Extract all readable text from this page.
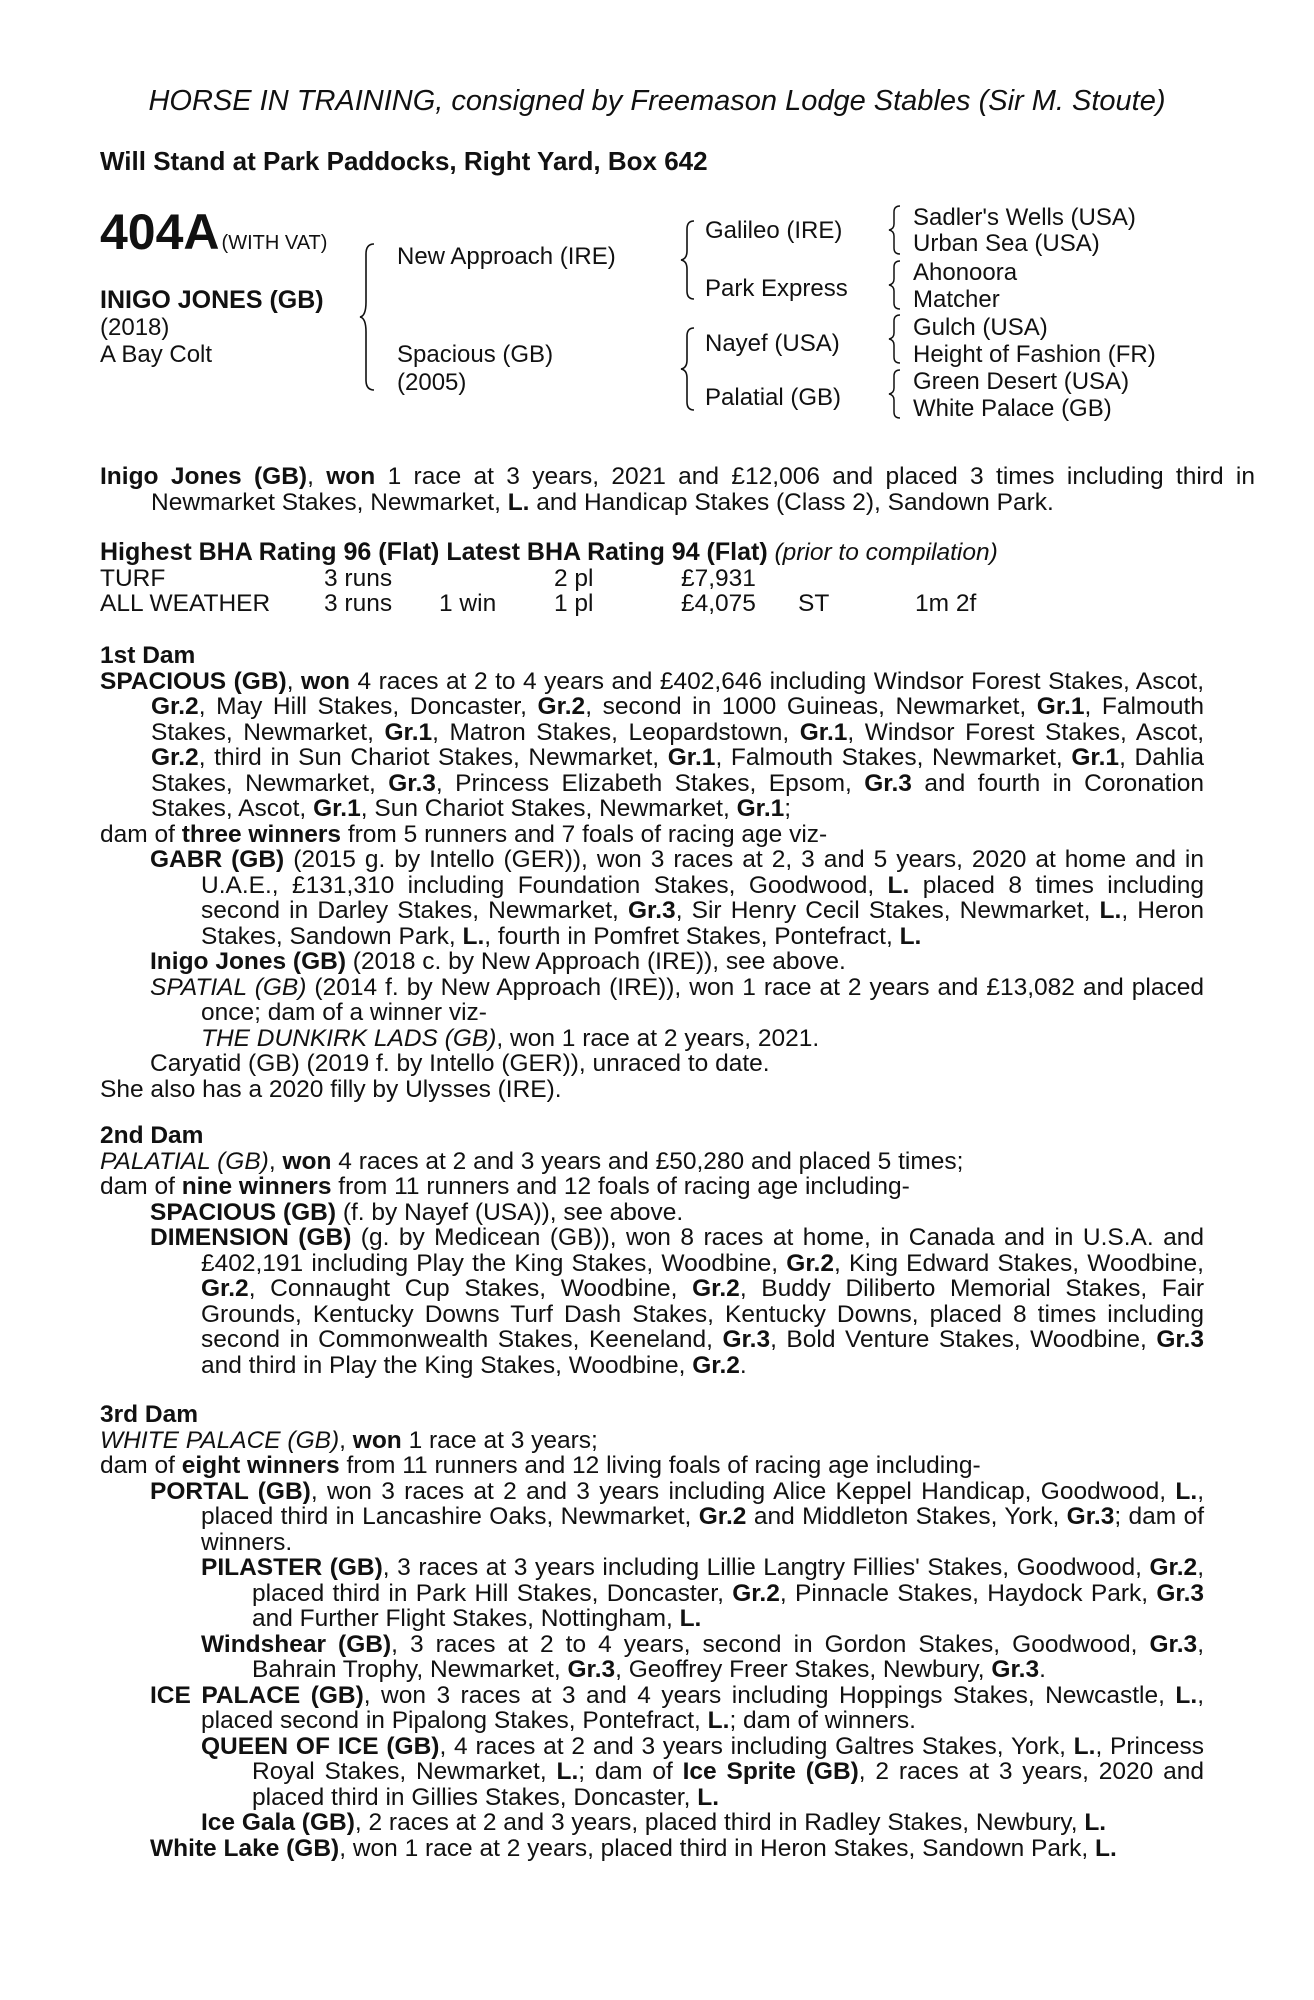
HORSE IN TRAINING, consigned by Freemason Lodge Stables (Sir M. Stoute)
Will Stand at Park Paddocks, Right Yard, Box 642
404A (WITH VAT)
INIGO JONES (GB)
(2018)
A Bay Colt
New Approach (IRE)
Spacious (GB)
(2005)
Galileo (IRE)
Park Express
Nayef (USA)
Palatial (GB)
Sadler's Wells (USA)
Urban Sea (USA)
Ahonoora
Matcher
Gulch (USA)
Height of Fashion (FR)
Green Desert (USA)
White Palace (GB)
Inigo Jones (GB), won 1 race at 3 years, 2021 and £12,006 and placed 3 times including third in Newmarket Stakes, Newmarket, L. and Handicap Stakes (Class 2), Sandown Park.
Highest BHA Rating 96 (Flat) Latest BHA Rating 94 (Flat) (prior to compilation)
TURF	3 runs		2 pl	£7,931		
ALL WEATHER	3 runs	1 win	1 pl	£4,075	ST	1m 2f

1st Dam

SPACIOUS (GB), won 4 races at 2 to 4 years and £402,646 including Windsor Forest Stakes, Ascot, Gr.2, May Hill Stakes, Doncaster, Gr.2, second in 1000 Guineas, Newmarket, Gr.1, Falmouth Stakes, Newmarket, Gr.1, Matron Stakes, Leopardstown, Gr.1, Windsor Forest Stakes, Ascot, Gr.2, third in Sun Chariot Stakes, Newmarket, Gr.1, Falmouth Stakes, Newmarket, Gr.1, Dahlia Stakes, Newmarket, Gr.3, Princess Elizabeth Stakes, Epsom, Gr.3 and fourth in Coronation Stakes, Ascot, Gr.1, Sun Chariot Stakes, Newmarket, Gr.1;

dam of three winners from 5 runners and 7 foals of racing age viz-

GABR (GB) (2015 g. by Intello (GER)), won 3 races at 2, 3 and 5 years, 2020 at home and in U.A.E., £131,310 including Foundation Stakes, Goodwood, L. placed 8 times including second in Darley Stakes, Newmarket, Gr.3, Sir Henry Cecil Stakes, Newmarket, L., Heron Stakes, Sandown Park, L., fourth in Pomfret Stakes, Pontefract, L.

Inigo Jones (GB) (2018 c. by New Approach (IRE)), see above.

SPATIAL (GB) (2014 f. by New Approach (IRE)), won 1 race at 2 years and £13,082 and placed once; dam of a winner viz-

THE DUNKIRK LADS (GB), won 1 race at 2 years, 2021.

Caryatid (GB) (2019 f. by Intello (GER)), unraced to date.

She also has a 2020 filly by Ulysses (IRE).

2nd Dam

PALATIAL (GB), won 4 races at 2 and 3 years and £50,280 and placed 5 times;

dam of nine winners from 11 runners and 12 foals of racing age including-

SPACIOUS (GB) (f. by Nayef (USA)), see above.

DIMENSION (GB) (g. by Medicean (GB)), won 8 races at home, in Canada and in U.S.A. and £402,191 including Play the King Stakes, Woodbine, Gr.2, King Edward Stakes, Woodbine, Gr.2, Connaught Cup Stakes, Woodbine, Gr.2, Buddy Diliberto Memorial Stakes, Fair Grounds, Kentucky Downs Turf Dash Stakes, Kentucky Downs, placed 8 times including second in Commonwealth Stakes, Keeneland, Gr.3, Bold Venture Stakes, Woodbine, Gr.3 and third in Play the King Stakes, Woodbine, Gr.2.

3rd Dam

WHITE PALACE (GB), won 1 race at 3 years;

dam of eight winners from 11 runners and 12 living foals of racing age including-

PORTAL (GB), won 3 races at 2 and 3 years including Alice Keppel Handicap, Goodwood, L., placed third in Lancashire Oaks, Newmarket, Gr.2 and Middleton Stakes, York, Gr.3; dam of winners.

PILASTER (GB), 3 races at 3 years including Lillie Langtry Fillies' Stakes, Goodwood, Gr.2, placed third in Park Hill Stakes, Doncaster, Gr.2, Pinnacle Stakes, Haydock Park, Gr.3 and Further Flight Stakes, Nottingham, L.

Windshear (GB), 3 races at 2 to 4 years, second in Gordon Stakes, Goodwood, Gr.3, Bahrain Trophy, Newmarket, Gr.3, Geoffrey Freer Stakes, Newbury, Gr.3.

ICE PALACE (GB), won 3 races at 3 and 4 years including Hoppings Stakes, Newcastle, L., placed second in Pipalong Stakes, Pontefract, L.; dam of winners.

QUEEN OF ICE (GB), 4 races at 2 and 3 years including Galtres Stakes, York, L., Princess Royal Stakes, Newmarket, L.; dam of Ice Sprite (GB), 2 races at 3 years, 2020 and placed third in Gillies Stakes, Doncaster, L.

Ice Gala (GB), 2 races at 2 and 3 years, placed third in Radley Stakes, Newbury, L.

White Lake (GB), won 1 race at 2 years, placed third in Heron Stakes, Sandown Park, L.
